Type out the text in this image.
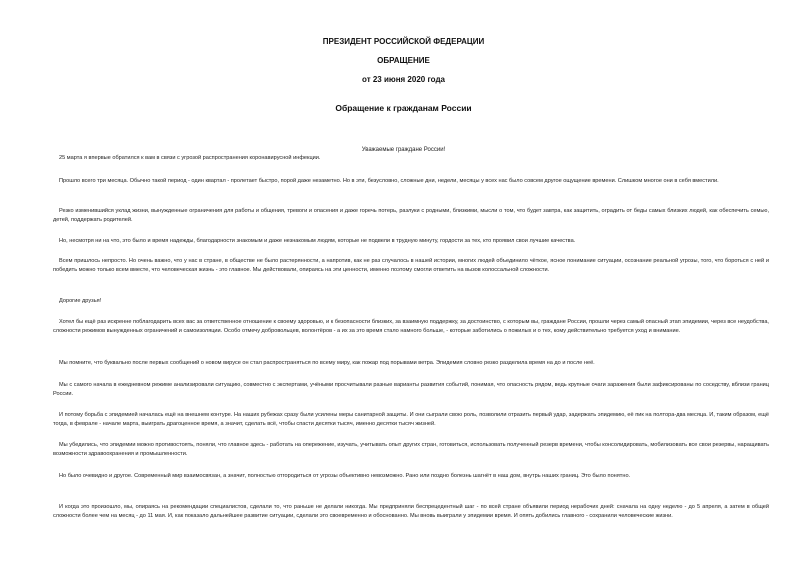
ПРЕЗИДЕНТ РОССИЙСКОЙ ФЕДЕРАЦИИ
ОБРАЩЕНИЕ
от 23 июня 2020 года
Обращение к гражданам России
Уважаемые граждане России!
25 марта я впервые обратился к вам в связи с угрозой распространения коронавирусной инфекции.
Прошло всего три месяца. Обычно такой период - один квартал - пролетает быстро, порой даже незаметно. Но в эти, безусловно, сложные дни, недели, месяцы у всех нас было совсем другое ощущение времени. Слишком многое они в себя вместили.
Резко изменившийся уклад жизни, вынужденные ограничения для работы и общения, тревоги и опасения и даже горечь потерь, разлуки с родными, близкими, мысли о том, что будет завтра, как защитить, оградить от беды самых близких людей, как обеспечить семью, детей, поддержать родителей.
Но, несмотря ни на что, это было и время надежды, благодарности знакомым и даже незнакомым людям, которые не подвели в трудную минуту, гордости за тех, кто проявил свои лучшие качества.
Всем пришлось непросто. Но очень важно, что у нас в стране, в обществе не было растерянности, а напротив, как не раз случалось в нашей истории, многих людей объединило чёткое, ясное понимание ситуации, осознание реальной угрозы, того, что бороться с ней и победить можно только всем вместе, что человеческая жизнь - это главное. Мы действовали, опираясь на эти ценности, именно поэтому смогли ответить на вызов колоссальной сложности.
Дорогие друзья!
Хотел бы ещё раз искренне поблагодарить всех вас за ответственное отношение к своему здоровью, и к безопасности близких, за взаимную поддержку, за достоинство, с которым вы, граждане России, прошли через самый опасный этап эпидемии, через все неудобства, сложности режимов вынужденных ограничений и самоизоляции. Особо отмечу добровольцев, волонтёров - а их за это время стало намного больше, - которые заботились о пожилых и о тех, кому действительно требуется уход и внимание.
Мы помните, что буквально после первых сообщений о новом вирусе он стал распространяться по всему миру, как пожар под порывами ветра. Эпидемия словно резко разделила время на до и после неё.
Мы с самого начала в ежедневном режиме анализировали ситуацию, совместно с экспертами, учёными просчитывали разные варианты развития событий, понимая, что опасность рядом, ведь крупные очаги заражения были зафиксированы по соседству, вблизи границ России.
И потому борьба с эпидемией началась ещё на внешнем контуре. На наших рубежах сразу были усилены меры санитарной защиты. И они сыграли свою роль, позволили отразить первый удар, задержать эпидемию, её пик на полтора-два месяца. И, таким образом, ещё тогда, в феврале - начале марта, выиграть драгоценное время, а значит, сделать всё, чтобы спасти десятки тысяч, именно десятки тысяч жизней.
Мы убедились, что эпидемии можно противостоять, поняли, что главное здесь - работать на опережение, изучать, учитывать опыт других стран, готовиться, использовать полученный резерв времени, чтобы консолидировать, мобилизовать все свои резервы, наращивать возможности здравоохранения и промышленности.
Но было очевидно и другое. Современный мир взаимосвязан, а значит, полностью отгородиться от угрозы объективно невозможно. Рано или поздно болезнь шагнёт в наш дом, внутрь наших границ. Это было понятно.
И когда это произошло, мы, опираясь на рекомендации специалистов, сделали то, что раньше не делали никогда. Мы предприняли беспрецедентный шаг - по всей стране объявили период нерабочих дней: сначала на одну неделю - до 5 апреля, а затем в общей сложности более чем на месяц - до 11 мая. И, как показало дальнейшее развитие ситуации, сделали это своевременно и обоснованно. Мы вновь выиграли у эпидемии время. И опять добились главного - сохранили человеческие жизни.
